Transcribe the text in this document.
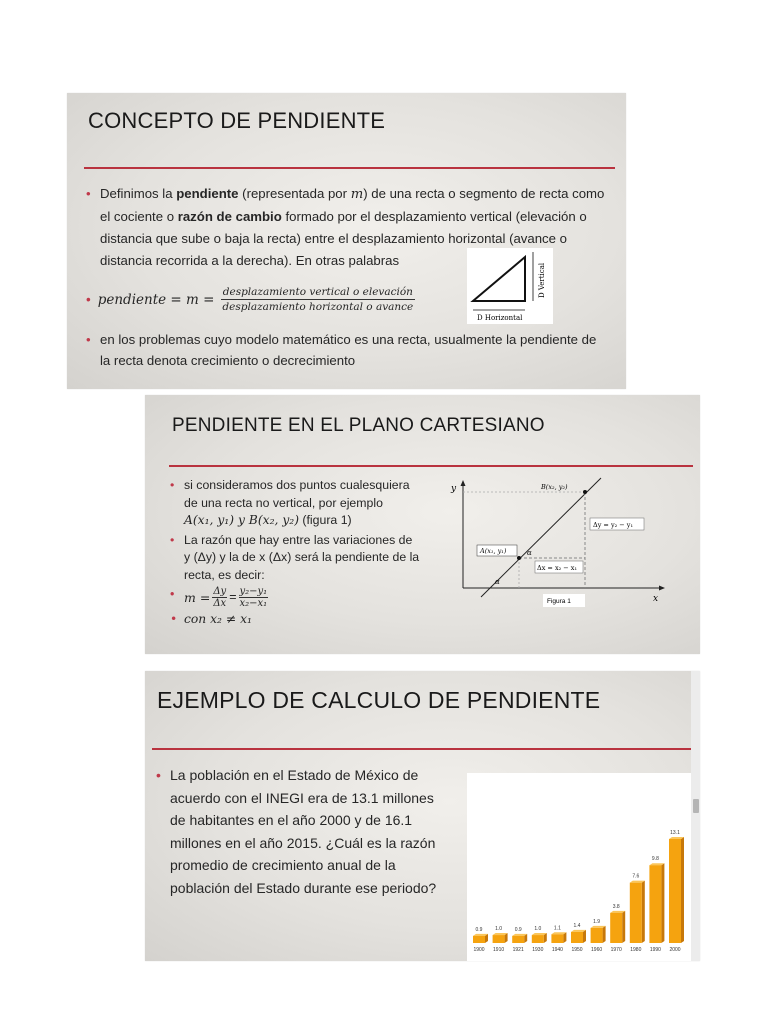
CONCEPTO DE PENDIENTE
• Definimos la pendiente (representada por m) de una recta o segmento de recta como el cociente o razón de cambio formado por el desplazamiento vertical (elevación o distancia que sube o baja la recta) entre el desplazamiento horizontal (avance o distancia recorrida a la derecha). En otras palabras
• pendiente = $m = \frac{\text{desplazamiento vertical o elevación}}{\text{desplazamiento horizontal o avance}}$
• en los problemas cuyo modelo matemático es una recta, usualmente la pendiente de la recta denota crecimiento o decrecimiento
D Vertical
D Horizontal
PENDIENTE EN EL PLANO CARTESIANO
• si consideramos dos puntos cualesquiera de una recta no vertical, por ejemplo
A(x₁, y₁) y B(x₂, y₂) (figura 1)
• La razón que hay entre las variaciones de y (Δy) y la de x (Δx) será la pendiente de la recta, es decir:
• $m = \frac{\Delta y}{\Delta x} = \frac{\text{y₂−y₁}}{\text{x₂−x₁}}$
• con x₂ ≠ x₁
y
x
A(x₁, y₁)
B(x₂, y₂)
Δy = y₂ − y₁
Δx = x₂ − x₁
α
α
Figura 1
EJEMPLO DE CALCULO DE PENDIENTE
• La población en el Estado de México de acuerdo con el INEGI era de 13.1 millones de habitantes en el año 2000 y de 16.1 millones en el año 2015. ¿Cuál es la razón promedio de crecimiento anual de la población del Estado durante ese periodo?
0.9
1900
1.0
1910
0.9
1921
1.0
1930
1.1
1940
1.4
1950
1.9
1960
3.8
1970
7.6
1980
9.8
1990
13.1
2000
